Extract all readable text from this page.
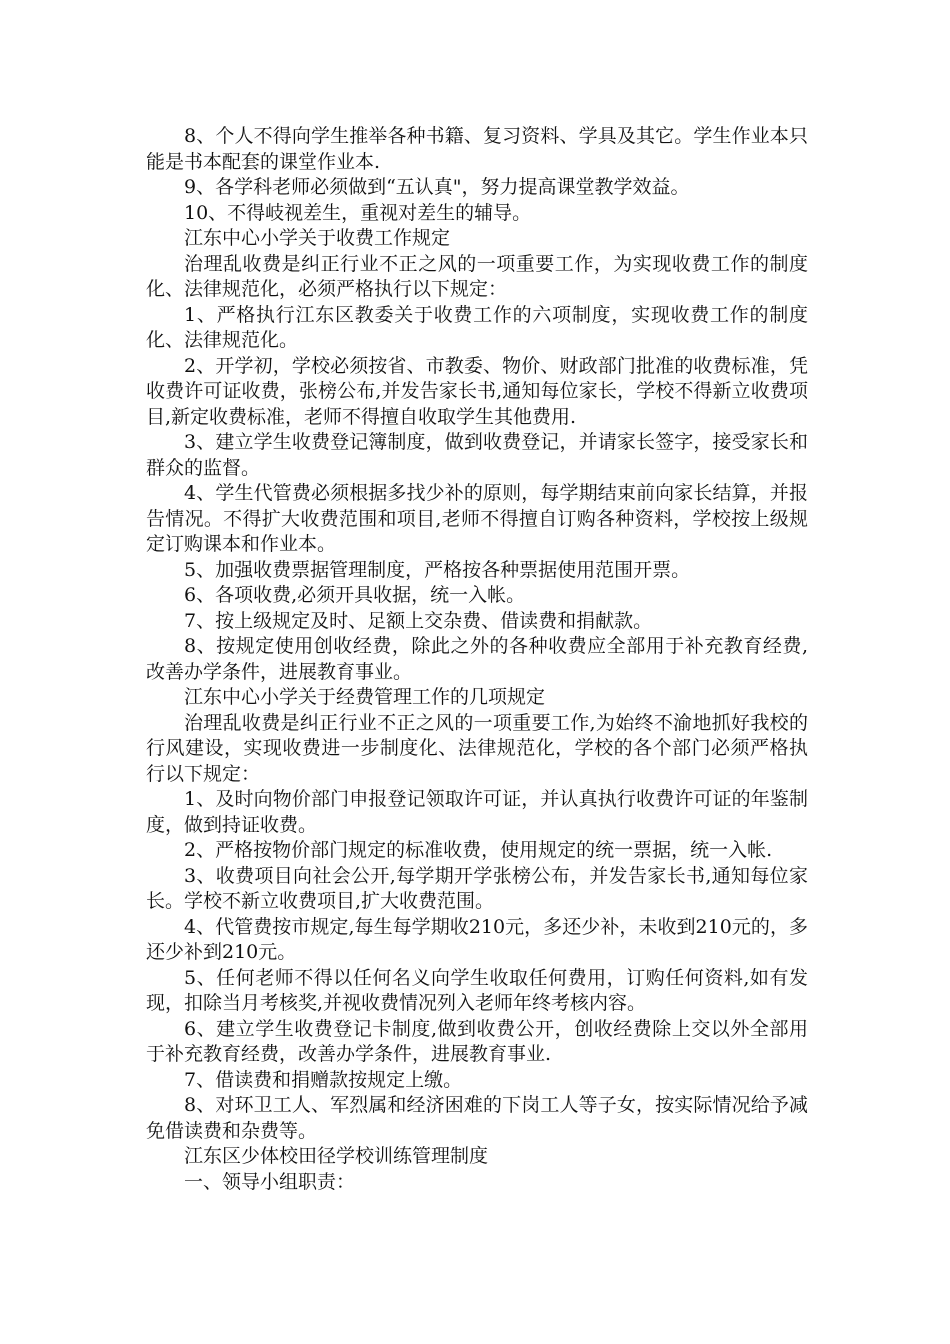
8、个人不得向学生推举各种书籍、复习资料、学具及其它。学生作业本只能是书本配套的课堂作业本.

9、各学科老师必须做到“五认真"，努力提高课堂教学效益。

10、不得岐视差生，重视对差生的辅导。

江东中心小学关于收费工作规定

治理乱收费是纠正行业不正之风的一项重要工作，为实现收费工作的制度化、法律规范化，必须严格执行以下规定：

1、严格执行江东区教委关于收费工作的六项制度，实现收费工作的制度化、法律规范化。

2、开学初，学校必须按省、市教委、物价、财政部门批准的收费标准，凭收费许可证收费，张榜公布,并发告家长书,通知每位家长，学校不得新立收费项目,新定收费标准，老师不得擅自收取学生其他费用.

3、建立学生收费登记簿制度，做到收费登记，并请家长签字，接受家长和群众的监督。

4、学生代管费必须根据多找少补的原则，每学期结束前向家长结算，并报告情况。不得扩大收费范围和项目,老师不得擅自订购各种资料，学校按上级规定订购课本和作业本。

5、加强收费票据管理制度，严格按各种票据使用范围开票。

6、各项收费,必须开具收据，统一入帐。

7、按上级规定及时、足额上交杂费、借读费和捐献款。

8、按规定使用创收经费，除此之外的各种收费应全部用于补充教育经费,改善办学条件，进展教育事业。

江东中心小学关于经费管理工作的几项规定

治理乱收费是纠正行业不正之风的一项重要工作,为始终不渝地抓好我校的行风建设，实现收费进一步制度化、法律规范化，学校的各个部门必须严格执行以下规定：

1、及时向物价部门申报登记领取许可证，并认真执行收费许可证的年鉴制度，做到持证收费。

2、严格按物价部门规定的标准收费，使用规定的统一票据，统一入帐.

3、收费项目向社会公开,每学期开学张榜公布，并发告家长书,通知每位家长。学校不新立收费项目,扩大收费范围。

4、代管费按市规定,每生每学期收210元，多还少补，未收到210元的，多还少补到210元。

5、任何老师不得以任何名义向学生收取任何费用，订购任何资料,如有发现，扣除当月考核奖,并视收费情况列入老师年终考核内容。

6、建立学生收费登记卡制度,做到收费公开，创收经费除上交以外全部用于补充教育经费，改善办学条件，进展教育事业.

7、借读费和捐赠款按规定上缴。

8、对环卫工人、军烈属和经济困难的下岗工人等子女，按实际情况给予减免借读费和杂费等。

江东区少体校田径学校训练管理制度

一、领导小组职责：
